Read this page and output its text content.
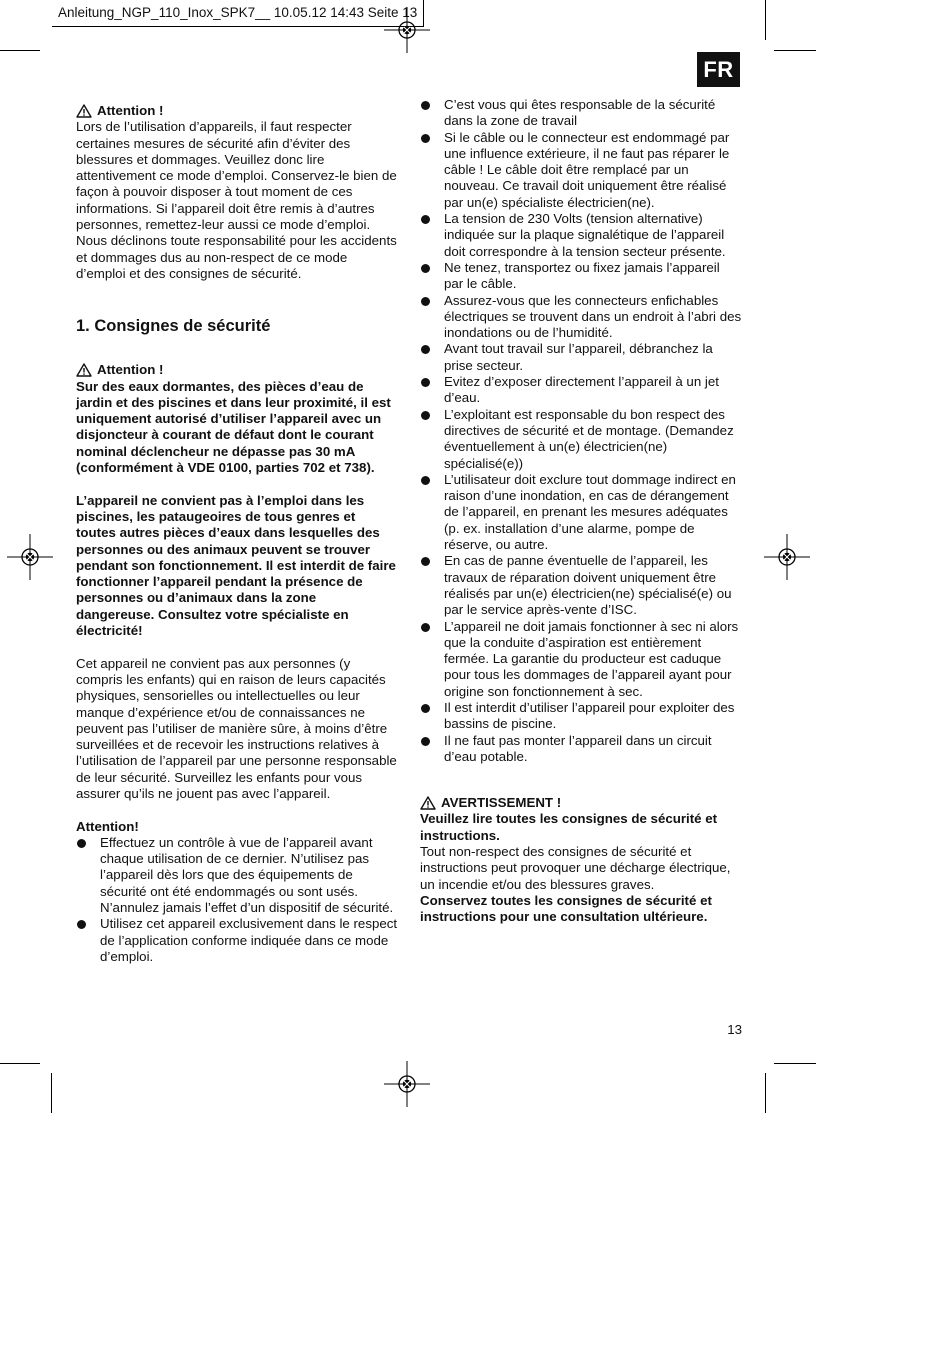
Anleitung_NGP_110_Inox_SPK7__ 10.05.12 14:43 Seite 13
FR
Attention !

Lors de l’utilisation d’appareils, il faut respecter certaines mesures de sécurité afin d’éviter des blessures et dommages. Veuillez donc lire attentivement ce mode d’emploi. Conservez-le bien de façon à pouvoir disposer à tout moment de ces informations. Si l’appareil doit être remis à d’autres personnes, remettez-leur aussi ce mode d’emploi. Nous déclinons toute responsabilité pour les accidents et dommages dus au non-respect de ce mode d’emploi et des consignes de sécurité.

1. Consignes de sécurité
Attention !

Sur des eaux dormantes, des pièces d’eau de jardin et des piscines et dans leur proximité, il est uniquement autorisé d’utiliser l’appareil avec un disjoncteur à courant de défaut dont le courant nominal déclencheur ne dépasse pas 30 mA (conformément à VDE 0100, parties 702 et 738).

L’appareil ne convient pas à l’emploi dans les piscines, les pataugeoires de tous genres et toutes autres pièces d’eaux dans lesquelles des personnes ou des animaux peuvent se trouver pendant son fonctionnement. Il est interdit de faire fonctionner l’appareil pendant la présence de personnes ou d’animaux dans la zone dangereuse. Consultez votre spécialiste en électricité!

Cet appareil ne convient pas aux personnes (y compris les enfants) qui en raison de leurs capacités physiques, sensorielles ou intellectuelles ou leur manque d’expérience et/ou de connaissances ne peuvent pas l’utiliser de manière sûre, à moins d’être surveillées et de recevoir les instructions relatives à l’utilisation de l’appareil par une personne responsable de leur sécurité. Surveillez les enfants pour vous assurer qu’ils ne jouent pas avec l’appareil.

Attention!

Effectuez un contrôle à vue de l’appareil avant chaque utilisation de ce dernier. N’utilisez pas l’appareil dès lors que des équipements de sécurité ont été endommagés ou sont usés. N’annulez jamais l’effet d’un dispositif de sécurité.
Utilisez cet appareil exclusivement dans le respect de l’application conforme indiquée dans ce mode d’emploi.
C’est vous qui êtes responsable de la sécurité dans la zone de travail
Si le câble ou le connecteur est endommagé par une influence extérieure, il ne faut pas réparer le câble ! Le câble doit être remplacé par un nouveau. Ce travail doit uniquement être réalisé par un(e) spécialiste électricien(ne).
La tension de 230 Volts (tension alternative) indiquée sur la plaque signalétique de l’appareil doit correspondre à la tension secteur présente.
Ne tenez, transportez ou fixez jamais l’appareil par le câble.
Assurez-vous que les connecteurs enfichables électriques se trouvent dans un endroit à l’abri des inondations ou de l’humidité.
Avant tout travail sur l’appareil, débranchez la prise secteur.
Evitez d’exposer directement l’appareil à un jet d’eau.
L’exploitant est responsable du bon respect des directives de sécurité et de montage. (Demandez éventuellement à un(e) électricien(ne) spécialisé(e))
L’utilisateur doit exclure tout dommage indirect en raison d’une inondation, en cas de dérangement de l’appareil, en prenant les mesures adéquates (p. ex. installation d’une alarme, pompe de réserve, ou autre.
En cas de panne éventuelle de l’appareil, les travaux de réparation doivent uniquement être réalisés par un(e) électricien(ne) spécialisé(e) ou par le service après-vente d’ISC.
L’appareil ne doit jamais fonctionner à sec ni alors que la conduite d’aspiration est entièrement fermée. La garantie du producteur est caduque pour tous les dommages de l’appareil ayant pour origine son fonctionnement à sec.
Il est interdit d’utiliser l’appareil pour exploiter des bassins de piscine.
Il ne faut pas monter l’appareil dans un circuit d’eau potable.
AVERTISSEMENT !

Veuillez lire toutes les consignes de sécurité et instructions.

Tout non-respect des consignes de sécurité et instructions peut provoquer une décharge électrique, un incendie et/ou des blessures graves.

Conservez toutes les consignes de sécurité et instructions pour une consultation ultérieure.

13
